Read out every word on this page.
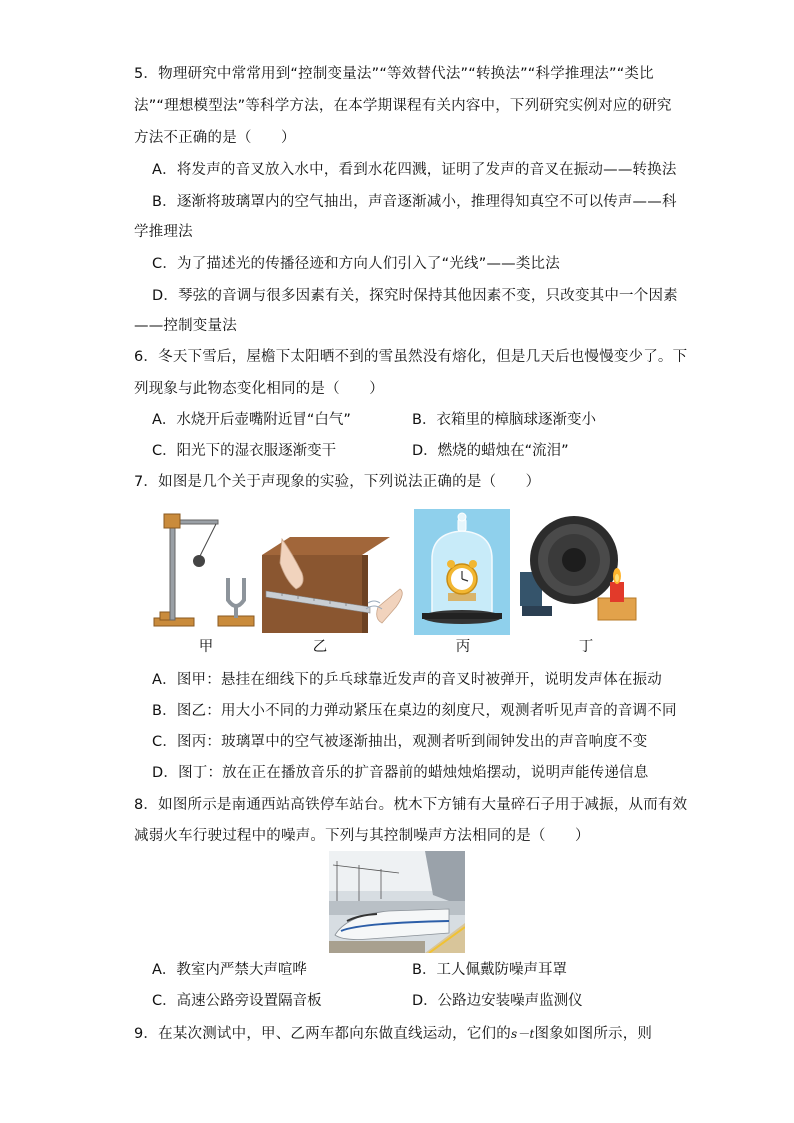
5．物理研究中常常用到“控制变量法”“等效替代法”“转换法”“科学推理法”“类比
法”“理想模型法”等科学方法，在本学期课程有关内容中，下列研究实例对应的研究
方法不正确的是（　　）
A．将发声的音叉放入水中，看到水花四溅，证明了发声的音叉在振动——转换法
B．逐渐将玻璃罩内的空气抽出，声音逐渐减小，推理得知真空不可以传声——科
学推理法
C．为了描述光的传播径迹和方向人们引入了“光线”——类比法
D．琴弦的音调与很多因素有关，探究时保持其他因素不变，只改变其中一个因素
——控制变量法
6．冬天下雪后，屋檐下太阳晒不到的雪虽然没有熔化，但是几天后也慢慢变少了。下
列现象与此物态变化相同的是（　　）
A．水烧开后壶嘴附近冒“白气”	B．衣箱里的樟脑球逐渐变小
C．阳光下的湿衣服逐渐变干	D．燃烧的蜡烛在“流泪”
7．如图是几个关于声现象的实验，下列说法正确的是（　　）
甲	乙	丙	丁
A．图甲：悬挂在细线下的乒乓球靠近发声的音叉时被弹开，说明发声体在振动
B．图乙：用大小不同的力弹动紧压在桌边的刻度尺，观测者听见声音的音调不同
C．图丙：玻璃罩中的空气被逐渐抽出，观测者听到闹钟发出的声音响度不变
D．图丁：放在正在播放音乐的扩音器前的蜡烛烛焰摆动，说明声能传递信息
8．如图所示是南通西站高铁停车站台。枕木下方铺有大量碎石子用于减振，从而有效
减弱火车行驶过程中的噪声。下列与其控制噪声方法相同的是（　　）
A．教室内严禁大声喧哗	B．工人佩戴防噪声耳罩
C．高速公路旁设置隔音板	D．公路边安装噪声监测仪
9．在某次测试中，甲、乙两车都向东做直线运动，它们的s－t图象如图所示，则
